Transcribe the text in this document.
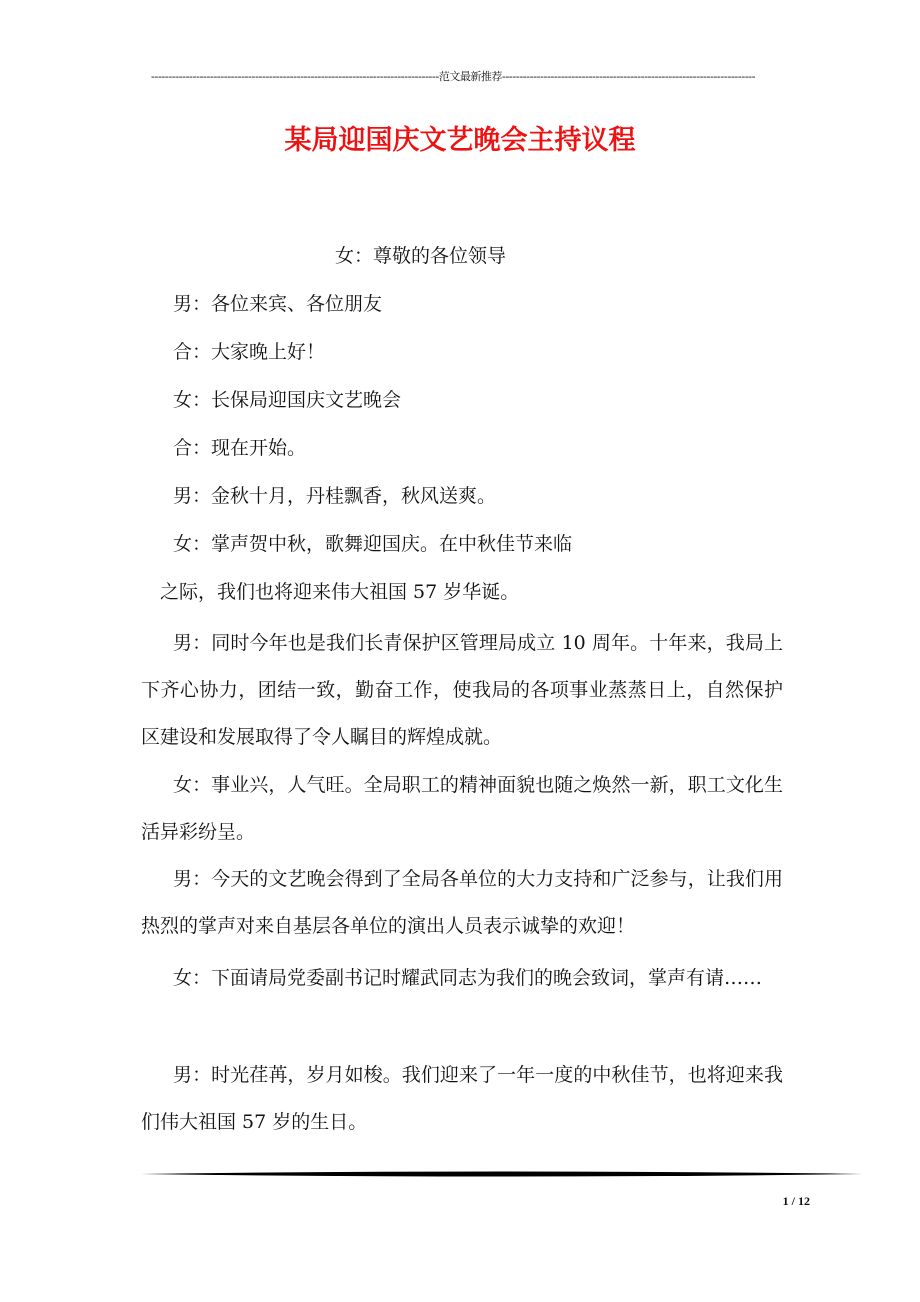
-----------------------------------------------------------------------------------范文最新推荐-------------------------------------------------------------------------
某局迎国庆文艺晚会主持议程
女：尊敬的各位领导
男：各位来宾、各位朋友
合：大家晚上好！
女：长保局迎国庆文艺晚会
合：现在开始。
男：金秋十月，丹桂飘香，秋风送爽。
女：掌声贺中秋，歌舞迎国庆。在中秋佳节来临
之际，我们也将迎来伟大祖国 57 岁华诞。
男：同时今年也是我们长青保护区管理局成立 10 周年。十年来，我局上下齐心协力，团结一致，勤奋工作，使我局的各项事业蒸蒸日上，自然保护区建设和发展取得了令人瞩目的辉煌成就。
女：事业兴，人气旺。全局职工的精神面貌也随之焕然一新，职工文化生活异彩纷呈。
男：今天的文艺晚会得到了全局各单位的大力支持和广泛参与，让我们用热烈的掌声对来自基层各单位的演出人员表示诚挚的欢迎！
女：下面请局党委副书记时耀武同志为我们的晚会致词，掌声有请……
男：时光荏苒，岁月如梭。我们迎来了一年一度的中秋佳节，也将迎来我们伟大祖国 57 岁的生日。
1 / 12
